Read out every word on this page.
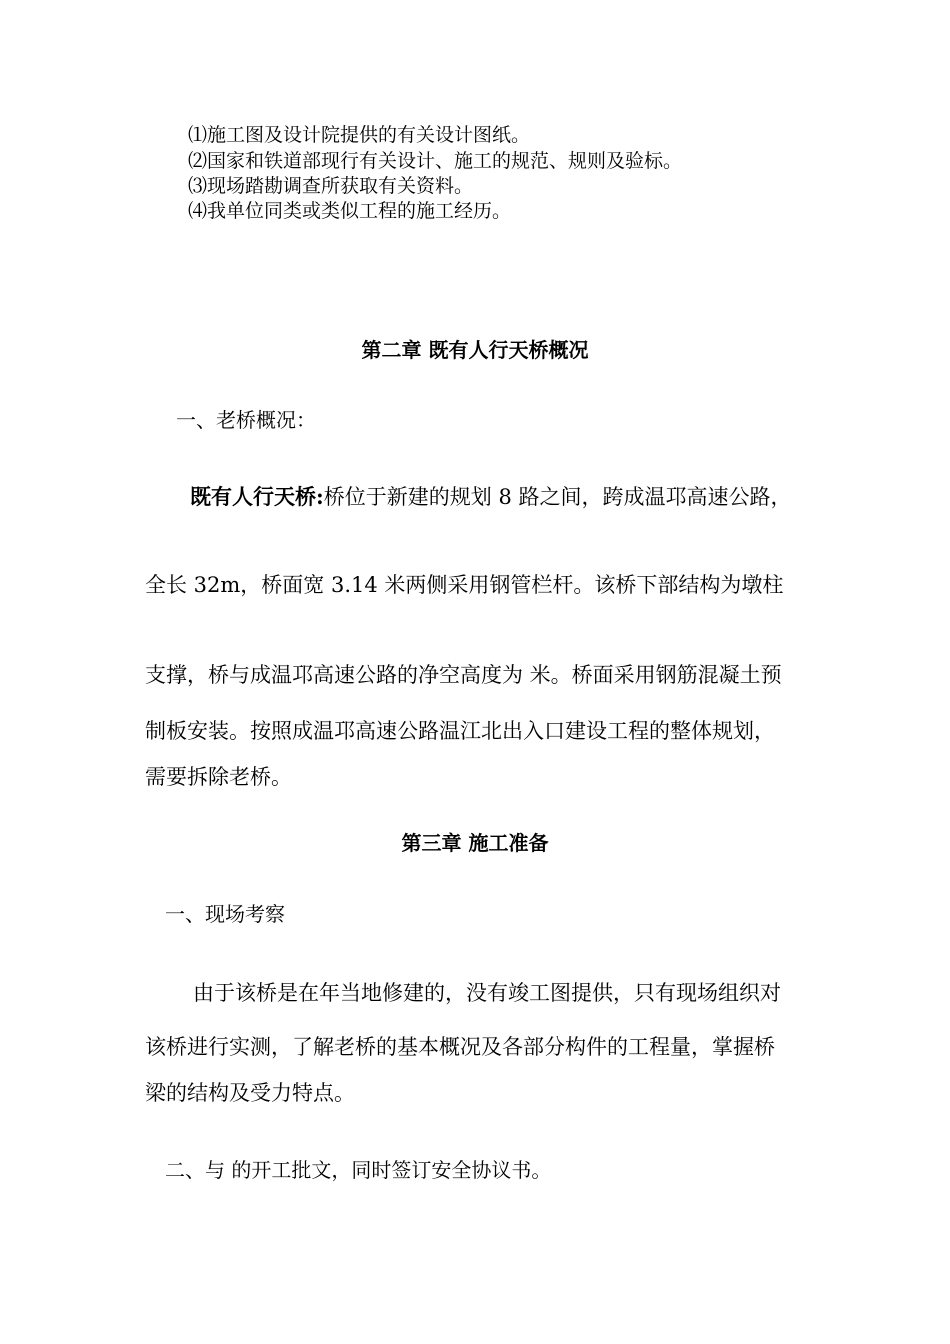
⑴施工图及设计院提供的有关设计图纸。
⑵国家和铁道部现行有关设计、施工的规范、规则及验标。
⑶现场踏勘调查所获取有关资料。
⑷我单位同类或类似工程的施工经历。
第二章 既有人行天桥概况
一、老桥概况：
既有人行天桥:桥位于新建的规划 8 路之间，跨成温邛高速公路，
全长 32m，桥面宽 3.14 米两侧采用钢管栏杆。该桥下部结构为墩柱
支撑，桥与成温邛高速公路的净空高度为 米。桥面采用钢筋混凝土预
制板安装。按照成温邛高速公路温江北出入口建设工程的整体规划，
需要拆除老桥。
第三章 施工准备
一、现场考察
由于该桥是在年当地修建的，没有竣工图提供，只有现场组织对
该桥进行实测，了解老桥的基本概况及各部分构件的工程量，掌握桥
梁的结构及受力特点。
二、与 的开工批文，同时签订安全协议书。
